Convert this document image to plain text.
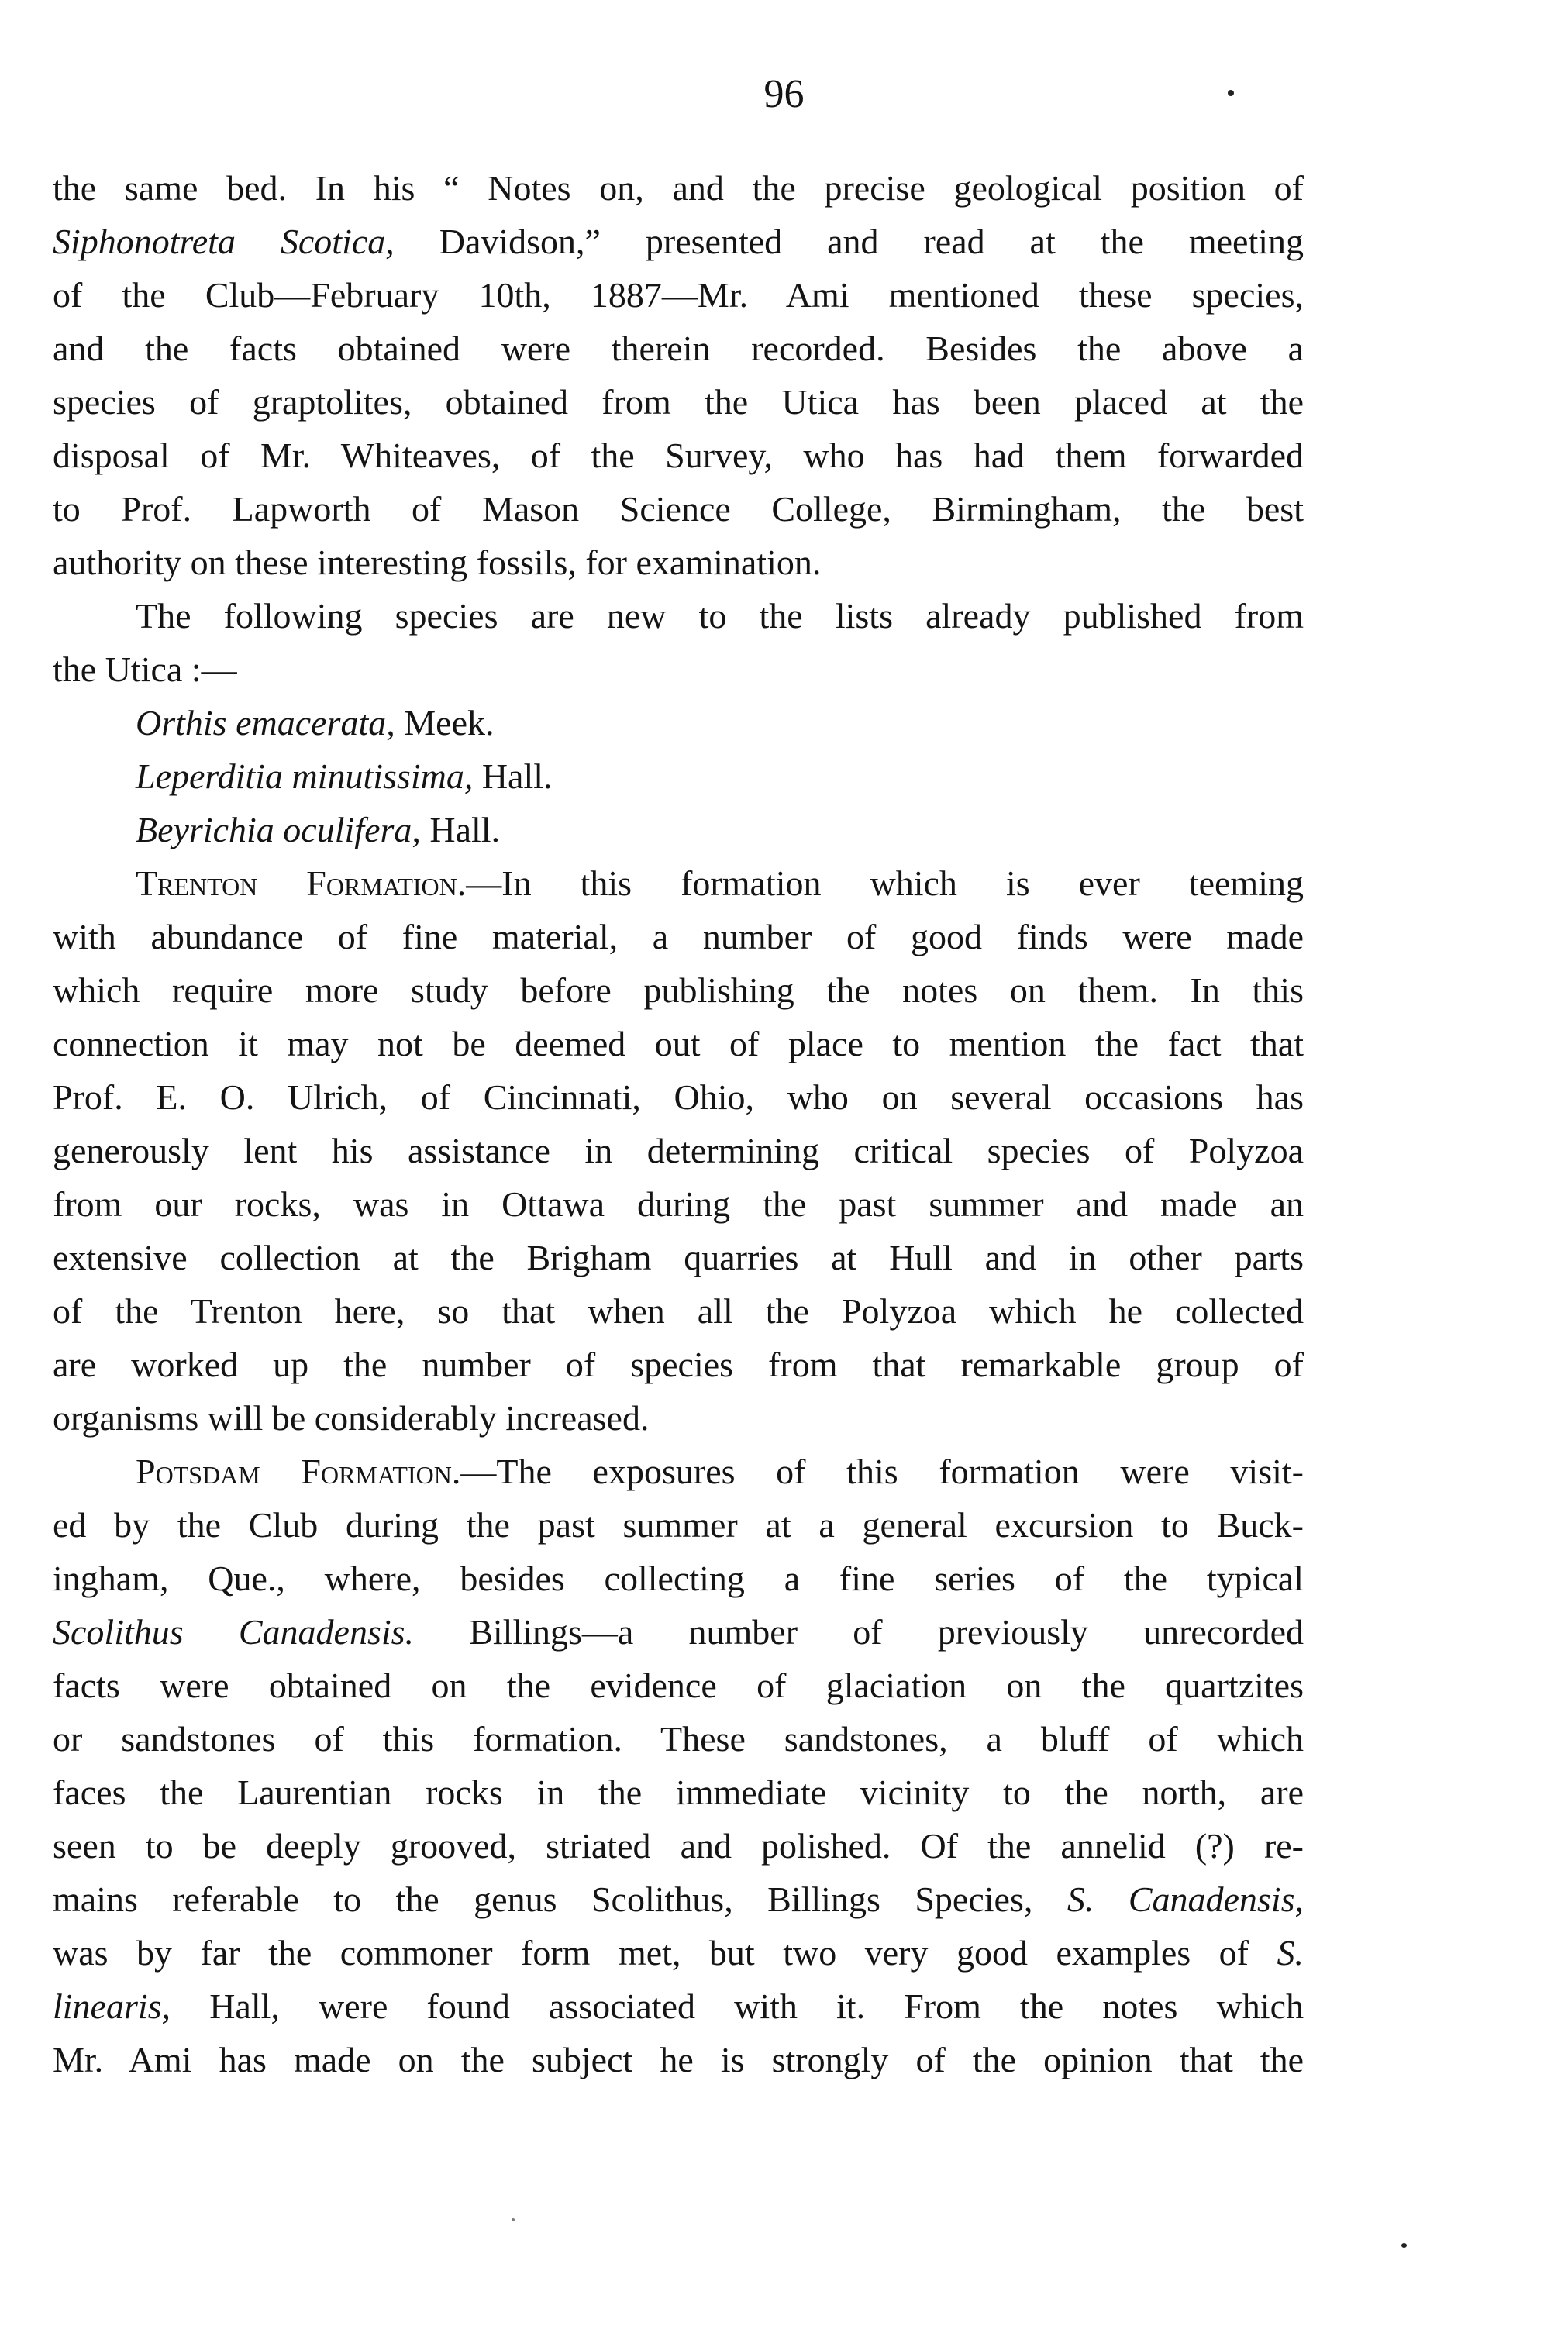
96
the same bed. In his “ Notes on, and the precise geological position of
Siphonotreta Scotica, Davidson,” presented and read at the meeting
of the Club—February 10th, 1887—Mr. Ami mentioned these species,
and the facts obtained were therein recorded. Besides the above a
species of graptolites, obtained from the Utica has been placed at the
disposal of Mr. Whiteaves, of the Survey, who has had them forwarded
to Prof. Lapworth of Mason Science College, Birmingham, the best
authority on these interesting fossils, for examination.
The following species are new to the lists already published from
the Utica :—
Orthis emacerata, Meek.
Leperditia minutissima, Hall.
Beyrichia oculifera, Hall.
Trenton Formation.—In this formation which is ever teeming
with abundance of fine material, a number of good finds were made
which require more study before publishing the notes on them. In this
connection it may not be deemed out of place to mention the fact that
Prof. E. O. Ulrich, of Cincinnati, Ohio, who on several occasions has
generously lent his assistance in determining critical species of Polyzoa
from our rocks, was in Ottawa during the past summer and made an
extensive collection at the Brigham quarries at Hull and in other parts
of the Trenton here, so that when all the Polyzoa which he collected
are worked up the number of species from that remarkable group of
organisms will be considerably increased.
Potsdam Formation.—The exposures of this formation were visit-
ed by the Club during the past summer at a general excursion to Buck-
ingham, Que., where, besides collecting a fine series of the typical
Scolithus Canadensis. Billings—a number of previously unrecorded
facts were obtained on the evidence of glaciation on the quartzites
or sandstones of this formation. These sandstones, a bluff of which
faces the Laurentian rocks in the immediate vicinity to the north, are
seen to be deeply grooved, striated and polished. Of the annelid (?) re-
mains referable to the genus Scolithus, Billings Species, S. Canadensis,
was by far the commoner form met, but two very good examples of S.
linearis, Hall, were found associated with it. From the notes which
Mr. Ami has made on the subject he is strongly of the opinion that the
